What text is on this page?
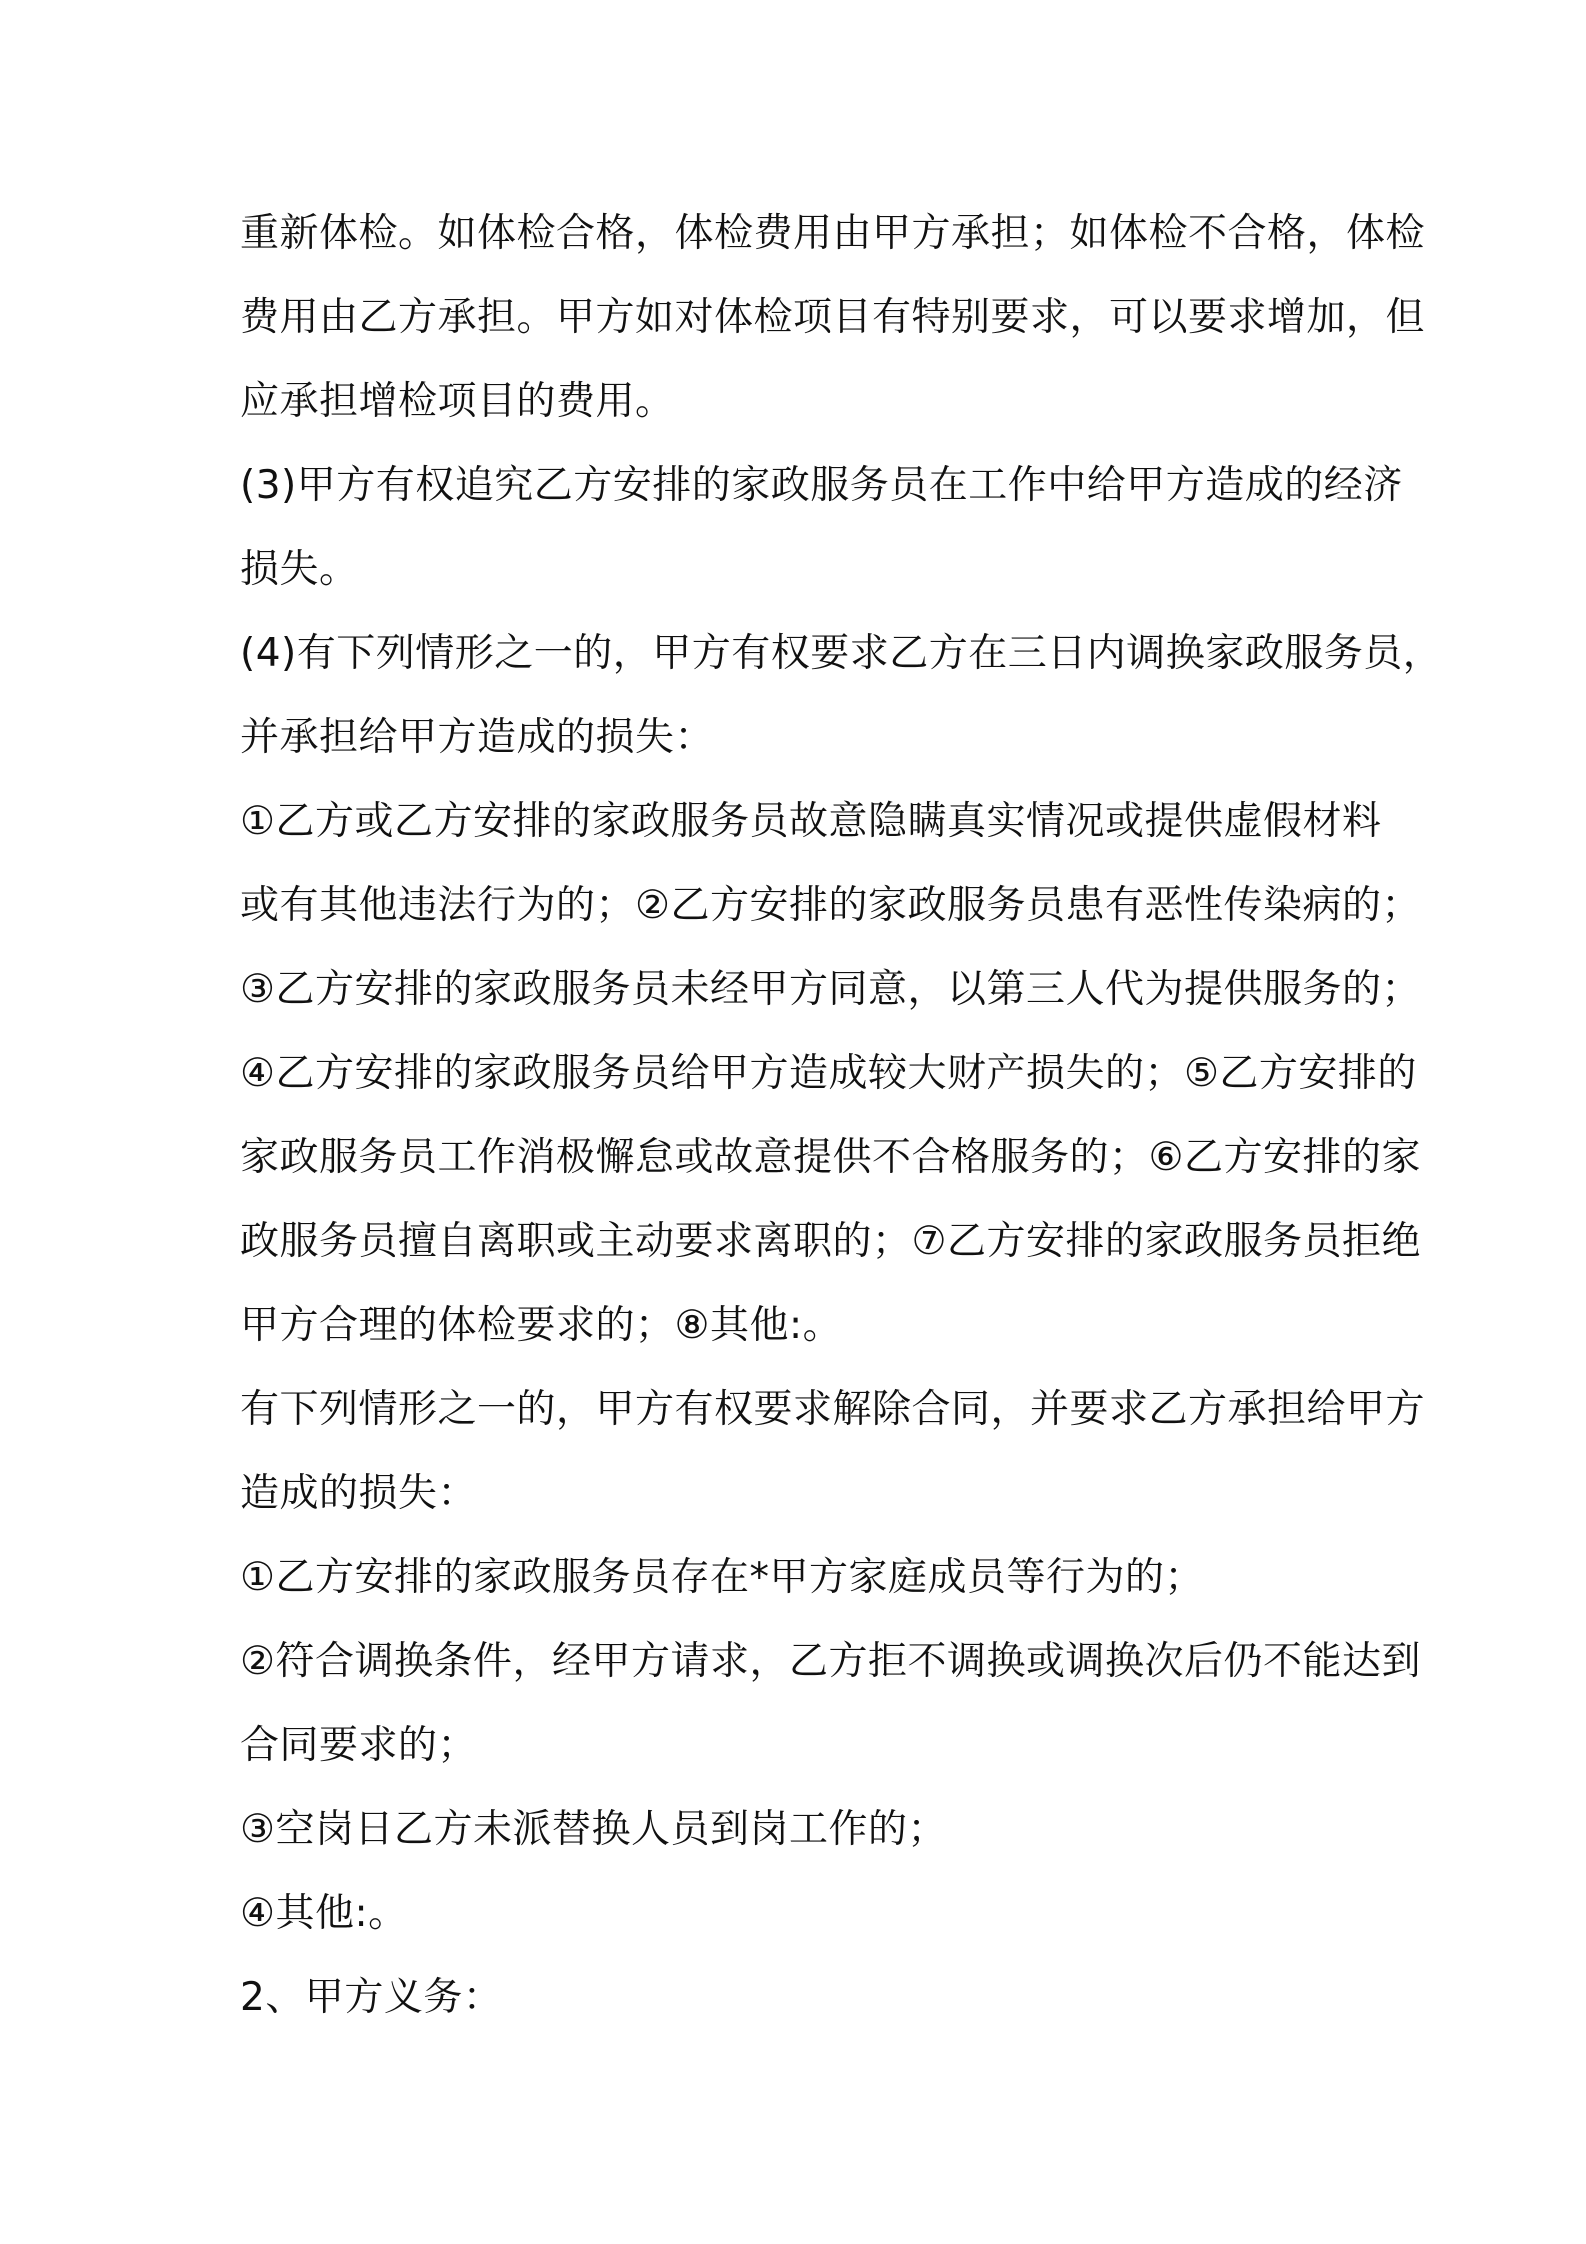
重新体检。如体检合格，体检费用由甲方承担；如体检不合格，体检
费用由乙方承担。甲方如对体检项目有特别要求，可以要求增加，但
应承担增检项目的费用。
(3)甲方有权追究乙方安排的家政服务员在工作中给甲方造成的经济
损失。
(4)有下列情形之一的，甲方有权要求乙方在三日内调换家政服务员，
并承担给甲方造成的损失：
①乙方或乙方安排的家政服务员故意隐瞒真实情况或提供虚假材料
或有其他违法行为的；②乙方安排的家政服务员患有恶性传染病的；
③乙方安排的家政服务员未经甲方同意，以第三人代为提供服务的；
④乙方安排的家政服务员给甲方造成较大财产损失的；⑤乙方安排的
家政服务员工作消极懈怠或故意提供不合格服务的；⑥乙方安排的家
政服务员擅自离职或主动要求离职的；⑦乙方安排的家政服务员拒绝
甲方合理的体检要求的；⑧其他:。
有下列情形之一的，甲方有权要求解除合同，并要求乙方承担给甲方
造成的损失：
①乙方安排的家政服务员存在*甲方家庭成员等行为的；
②符合调换条件，经甲方请求，乙方拒不调换或调换次后仍不能达到
合同要求的；
③空岗日乙方未派替换人员到岗工作的；
④其他:。
2、甲方义务：
